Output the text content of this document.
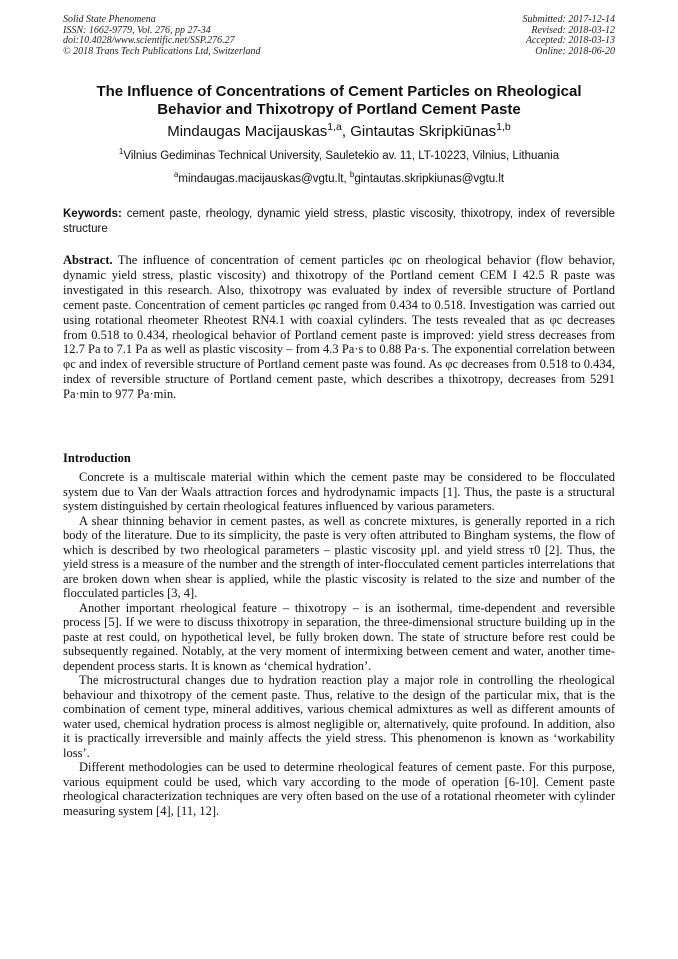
Solid State Phenomena
ISSN: 1662-9779, Vol. 276, pp 27-34
doi:10.4028/www.scientific.net/SSP.276.27
© 2018 Trans Tech Publications Ltd, Switzerland
Submitted: 2017-12-14
Revised: 2018-03-12
Accepted: 2018-03-13
Online: 2018-06-20
The Influence of Concentrations of Cement Particles on Rheological Behavior and Thixotropy of Portland Cement Paste
Mindaugas Macijauskas$^{1,a}$, Gintautas Skripkiūnas$^{1,b}$
$^1$Vilnius Gediminas Technical University, Sauletekio av. 11, LT-10223, Vilnius, Lithuania
$^a$mindaugas.macijauskas@vgtu.lt, $^b$gintautas.skripkiunas@vgtu.lt
Keywords: cement paste, rheology, dynamic yield stress, plastic viscosity, thixotropy, index of reversible structure
Abstract. The influence of concentration of cement particles φc on rheological behavior (flow behavior, dynamic yield stress, plastic viscosity) and thixotropy of the Portland cement CEM I 42.5 R paste was investigated in this research. Also, thixotropy was evaluated by index of reversible structure of Portland cement paste. Concentration of cement particles φc ranged from 0.434 to 0.518. Investigation was carried out using rotational rheometer Rheotest RN4.1 with coaxial cylinders. The tests revealed that as φc decreases from 0.518 to 0.434, rheological behavior of Portland cement paste is improved: yield stress decreases from 12.7 Pa to 7.1 Pa as well as plastic viscosity – from 4.3 Pa·s to 0.88 Pa·s. The exponential correlation between φc and index of reversible structure of Portland cement paste was found. As φc decreases from 0.518 to 0.434, index of reversible structure of Portland cement paste, which describes a thixotropy, decreases from 5291 Pa·min to 977 Pa·min.
Introduction

Concrete is a multiscale material within which the cement paste may be considered to be flocculated system due to Van der Waals attraction forces and hydrodynamic impacts [1]. Thus, the paste is a structural system distinguished by certain rheological features influenced by various parameters.

A shear thinning behavior in cement pastes, as well as concrete mixtures, is generally reported in a rich body of the literature. Due to its simplicity, the paste is very often attributed to Bingham systems, the flow of which is described by two rheological parameters – plastic viscosity μpl. and yield stress τ0 [2]. Thus, the yield stress is a measure of the number and the strength of inter-flocculated cement particles interrelations that are broken down when shear is applied, while the plastic viscosity is related to the size and number of the flocculated particles [3, 4].

Another important rheological feature – thixotropy – is an isothermal, time-dependent and reversible process [5]. If we were to discuss thixotropy in separation, the three-dimensional structure building up in the paste at rest could, on hypothetical level, be fully broken down. The state of structure before rest could be subsequently regained. Notably, at the very moment of intermixing between cement and water, another time-dependent process starts. It is known as ‘chemical hydration’.

The microstructural changes due to hydration reaction play a major role in controlling the rheological behaviour and thixotropy of the cement paste. Thus, relative to the design of the particular mix, that is the combination of cement type, mineral additives, various chemical admixtures as well as different amounts of water used, chemical hydration process is almost negligible or, alternatively, quite profound. In addition, also it is practically irreversible and mainly affects the yield stress. This phenomenon is known as ‘workability loss’.

Different methodologies can be used to determine rheological features of cement paste. For this purpose, various equipment could be used, which vary according to the mode of operation [6-10]. Cement paste rheological characterization techniques are very often based on the use of a rotational rheometer with cylinder measuring system [4], [11, 12].
